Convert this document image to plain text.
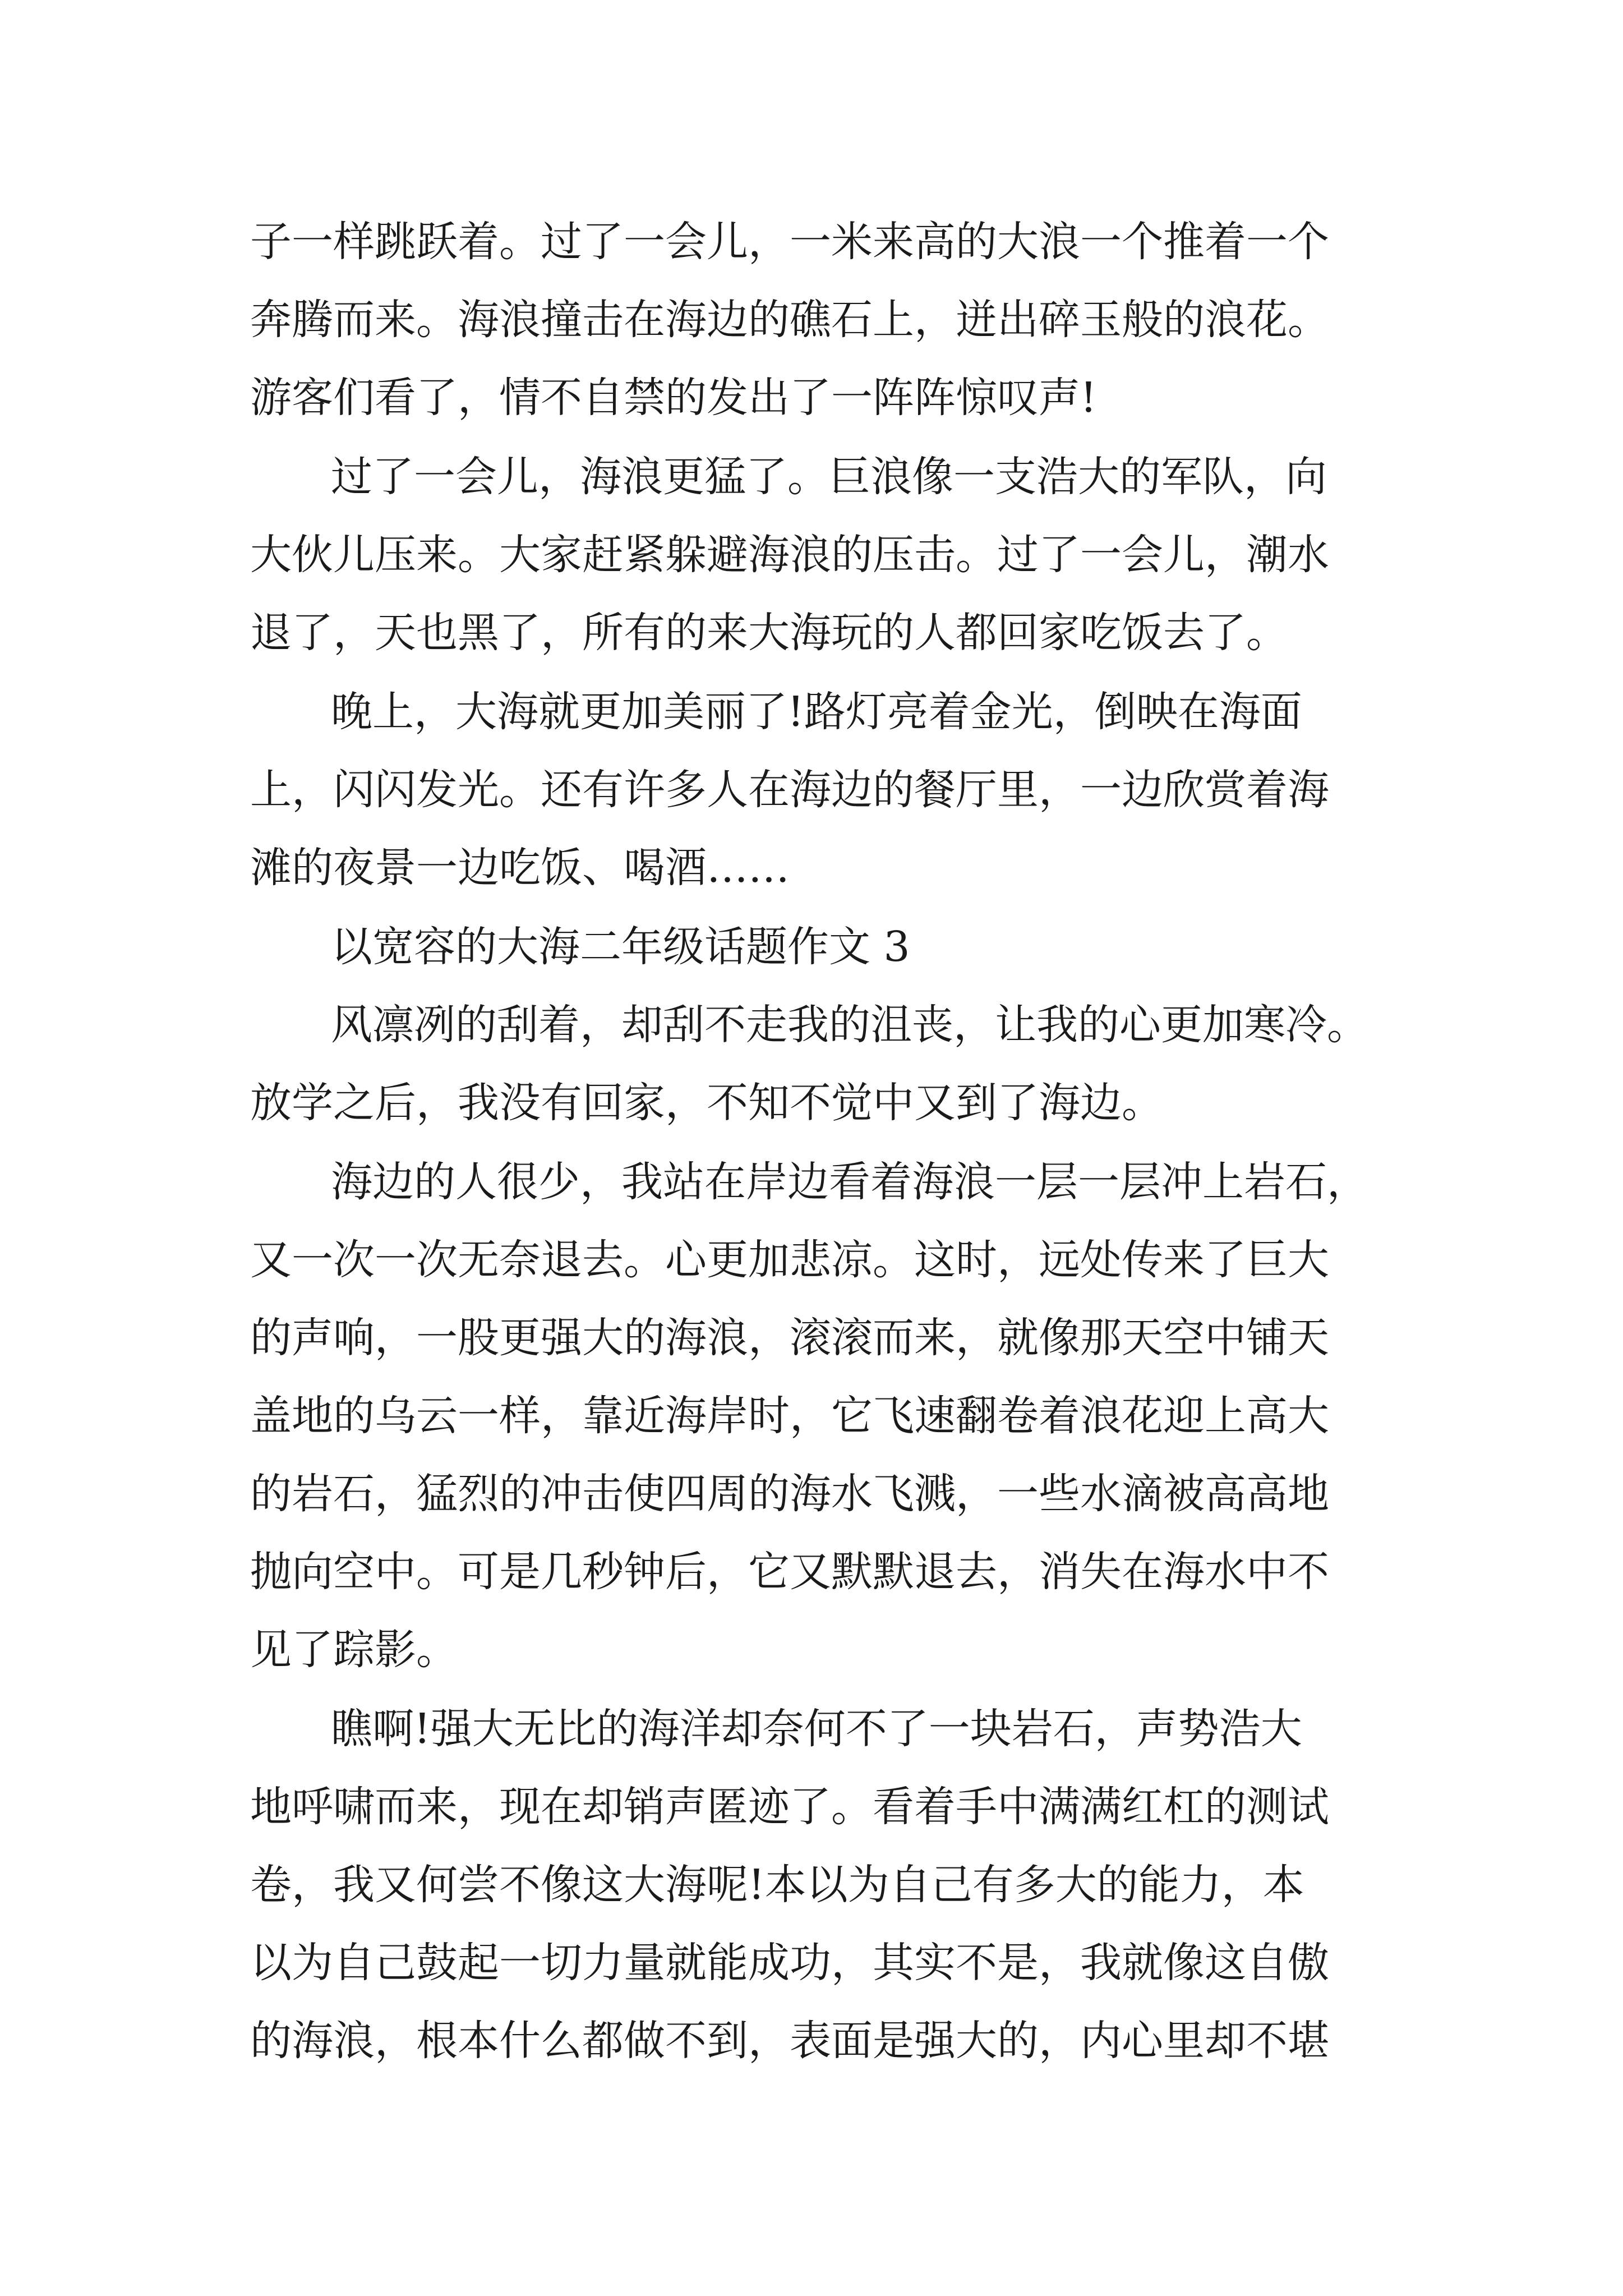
子一样跳跃着。过了一会儿，一米来高的大浪一个推着一个
奔腾而来。海浪撞击在海边的礁石上，迸出碎玉般的浪花。
游客们看了，情不自禁的发出了一阵阵惊叹声!
过了一会儿，海浪更猛了。巨浪像一支浩大的军队，向
大伙儿压来。大家赶紧躲避海浪的压击。过了一会儿，潮水
退了，天也黑了，所有的来大海玩的人都回家吃饭去了。
晚上，大海就更加美丽了!路灯亮着金光，倒映在海面
上，闪闪发光。还有许多人在海边的餐厅里，一边欣赏着海
滩的夜景一边吃饭、喝酒……
以宽容的大海二年级话题作文 3
风凛冽的刮着，却刮不走我的沮丧，让我的心更加寒冷。
放学之后，我没有回家，不知不觉中又到了海边。
海边的人很少，我站在岸边看着海浪一层一层冲上岩石，
又一次一次无奈退去。心更加悲凉。这时，远处传来了巨大
的声响，一股更强大的海浪，滚滚而来，就像那天空中铺天
盖地的乌云一样，靠近海岸时，它飞速翻卷着浪花迎上高大
的岩石，猛烈的冲击使四周的海水飞溅，一些水滴被高高地
抛向空中。可是几秒钟后，它又默默退去，消失在海水中不
见了踪影。
瞧啊!强大无比的海洋却奈何不了一块岩石，声势浩大
地呼啸而来，现在却销声匿迹了。看着手中满满红杠的测试
卷，我又何尝不像这大海呢!本以为自己有多大的能力，本
以为自己鼓起一切力量就能成功，其实不是，我就像这自傲
的海浪，根本什么都做不到，表面是强大的，内心里却不堪
